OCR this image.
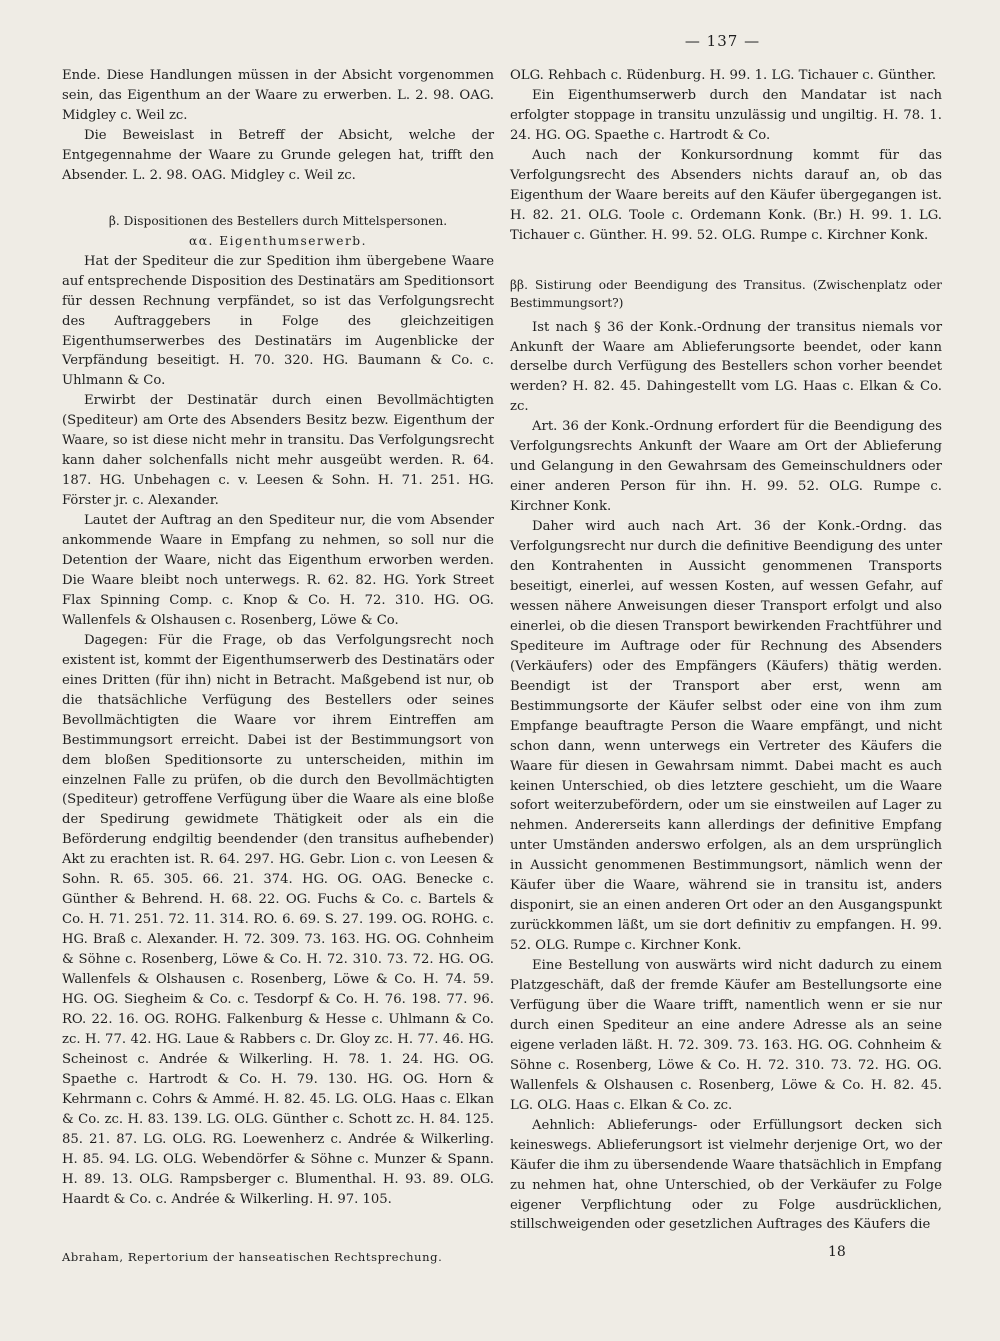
— 137 —

Ende. Diese Handlungen müssen in der Absicht vorgenommen sein, das Eigenthum an der Waare zu erwerben. L. 2. 98. OAG. Midgley c. Weil zc.

Die Beweislast in Betreff der Absicht, welche der Entgegennahme der Waare zu Grunde gelegen hat, trifft den Absender. L. 2. 98. OAG. Midgley c. Weil zc.

β. Dispositionen des Bestellers durch Mittelspersonen.

αα. Eigenthumserwerb.

Hat der Spediteur die zur Spedition ihm übergebene Waare auf entsprechende Disposition des Destinatärs am Speditionsort für dessen Rechnung verpfändet, so ist das Verfolgungsrecht des Auftraggebers in Folge des gleichzeitigen Eigenthumserwerbes des Destinatärs im Augenblicke der Verpfändung beseitigt. H. 70. 320. HG. Baumann & Co. c. Uhlmann & Co.

Erwirbt der Destinatär durch einen Bevollmächtigten (Spediteur) am Orte des Absenders Besitz bezw. Eigenthum der Waare, so ist diese nicht mehr in transitu. Das Verfolgungsrecht kann daher solchenfalls nicht mehr ausgeübt werden. R. 64. 187. HG. Unbehagen c. v. Leesen & Sohn. H. 71. 251. HG. Förster jr. c. Alexander.

Lautet der Auftrag an den Spediteur nur, die vom Absender ankommende Waare in Empfang zu nehmen, so soll nur die Detention der Waare, nicht das Eigenthum erworben werden. Die Waare bleibt noch unterwegs. R. 62. 82. HG. York Street Flax Spinning Comp. c. Knop & Co. H. 72. 310. HG. OG. Wallenfels & Olshausen c. Rosenberg, Löwe & Co.

Dagegen: Für die Frage, ob das Verfolgungsrecht noch existent ist, kommt der Eigenthumserwerb des Destinatärs oder eines Dritten (für ihn) nicht in Betracht. Maßgebend ist nur, ob die thatsächliche Verfügung des Bestellers oder seines Bevollmächtigten die Waare vor ihrem Eintreffen am Bestimmungsort erreicht. Dabei ist der Bestimmungsort von dem bloßen Speditionsorte zu unterscheiden, mithin im einzelnen Falle zu prüfen, ob die durch den Bevollmächtigten (Spediteur) getroffene Verfügung über die Waare als eine bloße der Spedirung gewidmete Thätigkeit oder als ein die Beförderung endgiltig beendender (den transitus aufhebender) Akt zu erachten ist. R. 64. 297. HG. Gebr. Lion c. von Leesen & Sohn. R. 65. 305. 66. 21. 374. HG. OG. OAG. Benecke c. Günther & Behrend. H. 68. 22. OG. Fuchs & Co. c. Bartels & Co. H. 71. 251. 72. 11. 314. RO. 6. 69. S. 27. 199. OG. ROHG. c. HG. Braß c. Alexander. H. 72. 309. 73. 163. HG. OG. Cohnheim & Söhne c. Rosenberg, Löwe & Co. H. 72. 310. 73. 72. HG. OG. Wallenfels & Olshausen c. Rosenberg, Löwe & Co. H. 74. 59. HG. OG. Siegheim & Co. c. Tesdorpf & Co. H. 76. 198. 77. 96. RO. 22. 16. OG. ROHG. Falkenburg & Hesse c. Uhlmann & Co. zc. H. 77. 42. HG. Laue & Rabbers c. Dr. Gloy zc. H. 77. 46. HG. Scheinost c. Andrée & Wilkerling. H. 78. 1. 24. HG. OG. Spaethe c. Hartrodt & Co. H. 79. 130. HG. OG. Horn & Kehrmann c. Cohrs & Ammé. H. 82. 45. LG. OLG. Haas c. Elkan & Co. zc. H. 83. 139. LG. OLG. Günther c. Schott zc. H. 84. 125. 85. 21. 87. LG. OLG. RG. Loewenherz c. Andrée & Wilkerling. H. 85. 94. LG. OLG. Webendörfer & Söhne c. Munzer & Spann. H. 89. 13. OLG. Rampsberger c. Blumenthal. H. 93. 89. OLG. Haardt & Co. c. Andrée & Wilkerling. H. 97. 105.

OLG. Rehbach c. Rüdenburg. H. 99. 1. LG. Tichauer c. Günther.

Ein Eigenthumserwerb durch den Mandatar ist nach erfolgter stoppage in transitu unzulässig und ungiltig. H. 78. 1. 24. HG. OG. Spaethe c. Hartrodt & Co.

Auch nach der Konkursordnung kommt für das Verfolgungsrecht des Absenders nichts darauf an, ob das Eigenthum der Waare bereits auf den Käufer übergegangen ist. H. 82. 21. OLG. Toole c. Ordemann Konk. (Br.) H. 99. 1. LG. Tichauer c. Günther. H. 99. 52. OLG. Rumpe c. Kirchner Konk.

ββ. Sistirung oder Beendigung des Transitus. (Zwischenplatz oder Bestimmungsort?)

Ist nach § 36 der Konk.-Ordnung der transitus niemals vor Ankunft der Waare am Ablieferungsorte beendet, oder kann derselbe durch Verfügung des Bestellers schon vorher beendet werden? H. 82. 45. Dahingestellt vom LG. Haas c. Elkan & Co. zc.

Art. 36 der Konk.-Ordnung erfordert für die Beendigung des Verfolgungsrechts Ankunft der Waare am Ort der Ablieferung und Gelangung in den Gewahrsam des Gemeinschuldners oder einer anderen Person für ihn. H. 99. 52. OLG. Rumpe c. Kirchner Konk.

Daher wird auch nach Art. 36 der Konk.-Ordng. das Verfolgungsrecht nur durch die definitive Beendigung des unter den Kontrahenten in Aussicht genommenen Transports beseitigt, einerlei, auf wessen Kosten, auf wessen Gefahr, auf wessen nähere Anweisungen dieser Transport erfolgt und also einerlei, ob die diesen Transport bewirkenden Frachtführer und Spediteure im Auftrage oder für Rechnung des Absenders (Verkäufers) oder des Empfängers (Käufers) thätig werden. Beendigt ist der Transport aber erst, wenn am Bestimmungsorte der Käufer selbst oder eine von ihm zum Empfange beauftragte Person die Waare empfängt, und nicht schon dann, wenn unterwegs ein Vertreter des Käufers die Waare für diesen in Gewahrsam nimmt. Dabei macht es auch keinen Unterschied, ob dies letztere geschieht, um die Waare sofort weiterzubefördern, oder um sie einstweilen auf Lager zu nehmen. Andererseits kann allerdings der definitive Empfang unter Umständen anderswo erfolgen, als an dem ursprünglich in Aussicht genommenen Bestimmungsort, nämlich wenn der Käufer über die Waare, während sie in transitu ist, anders disponirt, sie an einen anderen Ort oder an den Ausgangspunkt zurückkommen läßt, um sie dort definitiv zu empfangen. H. 99. 52. OLG. Rumpe c. Kirchner Konk.

Eine Bestellung von auswärts wird nicht dadurch zu einem Platzgeschäft, daß der fremde Käufer am Bestellungsorte eine Verfügung über die Waare trifft, namentlich wenn er sie nur durch einen Spediteur an eine andere Adresse als an seine eigene verladen läßt. H. 72. 309. 73. 163. HG. OG. Cohnheim & Söhne c. Rosenberg, Löwe & Co. H. 72. 310. 73. 72. HG. OG. Wallenfels & Olshausen c. Rosenberg, Löwe & Co. H. 82. 45. LG. OLG. Haas c. Elkan & Co. zc.

Aehnlich: Ablieferungs- oder Erfüllungsort decken sich keineswegs. Ablieferungsort ist vielmehr derjenige Ort, wo der Käufer die ihm zu übersendende Waare thatsächlich in Empfang zu nehmen hat, ohne Unterschied, ob der Verkäufer zu Folge eigener Verpflichtung oder zu Folge ausdrücklichen, stillschweigenden oder gesetzlichen Auftrages des Käufers die

Abraham, Repertorium der hanseatischen Rechtsprechung.	18
